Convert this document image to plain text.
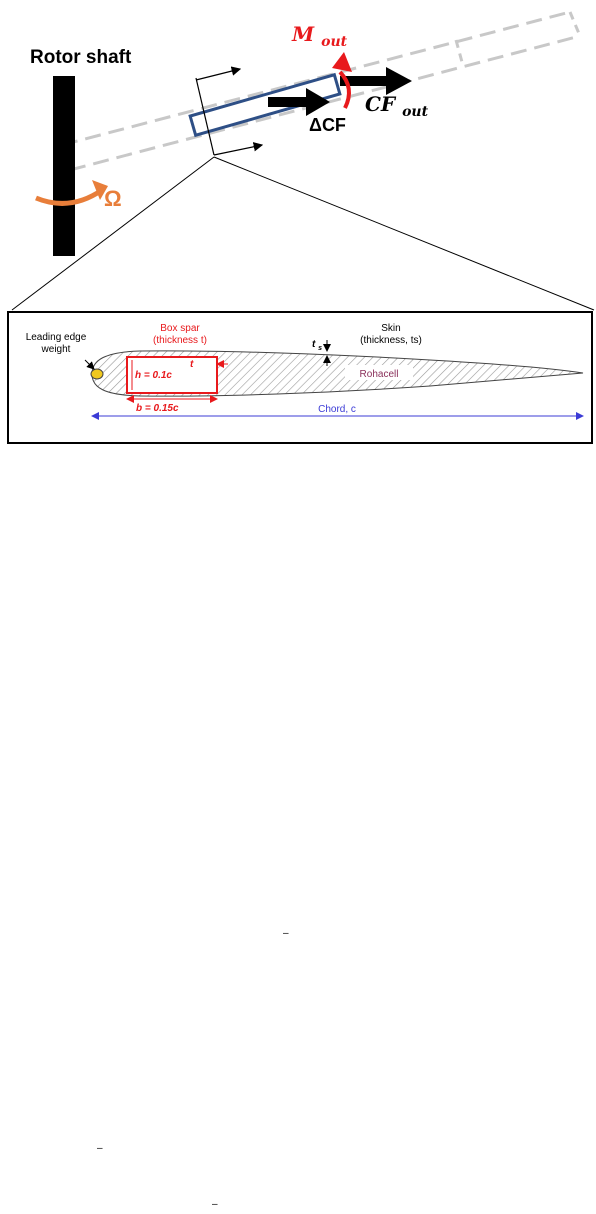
Rotor shaft
Ω
ΔCF
CF $_{out}$
M $_{out}$
Leading edge
weight
Box spar
(thickness t)
h = 0.1c
t
b = 0.15c
Skin
(thickness, ts)
t $_s$
Rohacell
Chord, c
–
–
–
